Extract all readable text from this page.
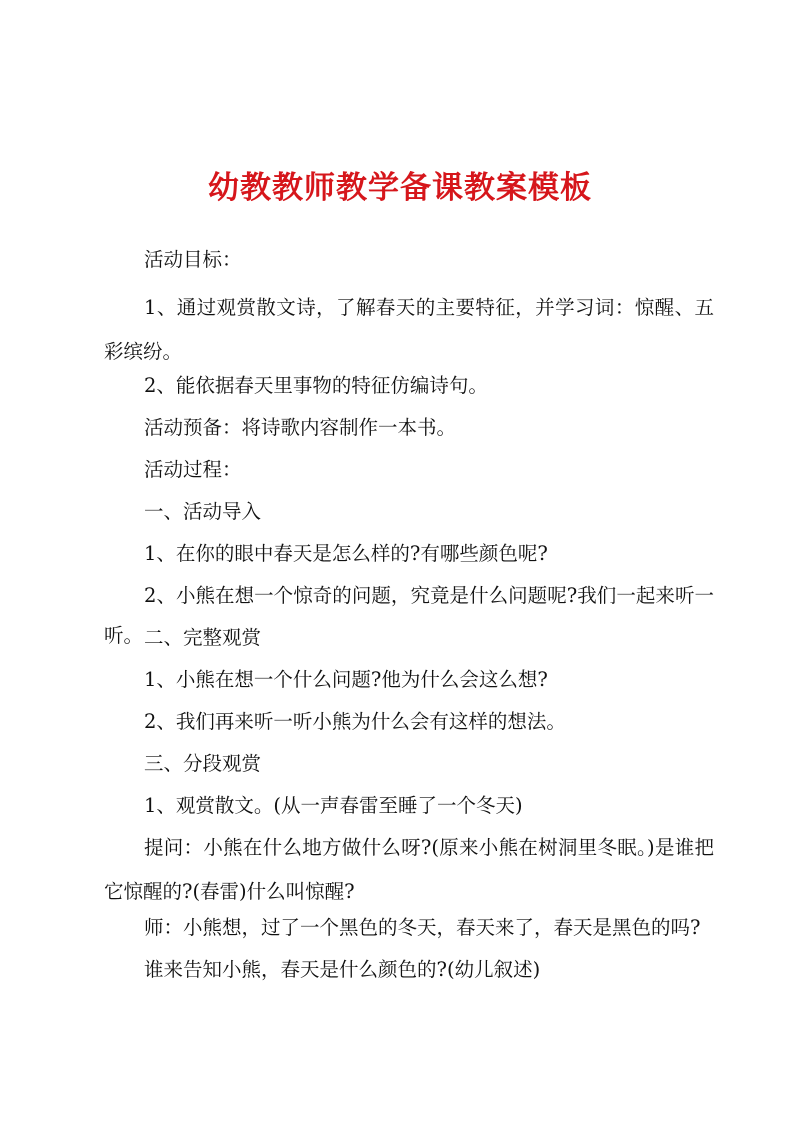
幼教教师教学备课教案模板
活动目标：
1、通过观赏散文诗，了解春天的主要特征，并学习词：惊醒、五彩缤纷。
2、能依据春天里事物的特征仿编诗句。
活动预备：将诗歌内容制作一本书。
活动过程：
一、活动导入
1、在你的眼中春天是怎么样的?有哪些颜色呢?
2、小熊在想一个惊奇的问题，究竟是什么问题呢?我们一起来听一听。 二、完整观赏
1、小熊在想一个什么问题?他为什么会这么想?
2、我们再来听一听小熊为什么会有这样的想法。
三、分段观赏
1、观赏散文。(从一声春雷至睡了一个冬天)
提问：小熊在什么地方做什么呀?(原来小熊在树洞里冬眠。)是谁把它惊醒的?(春雷)什么叫惊醒?
师：小熊想，过了一个黑色的冬天，春天来了，春天是黑色的吗?
谁来告知小熊，春天是什么颜色的?(幼儿叙述)
